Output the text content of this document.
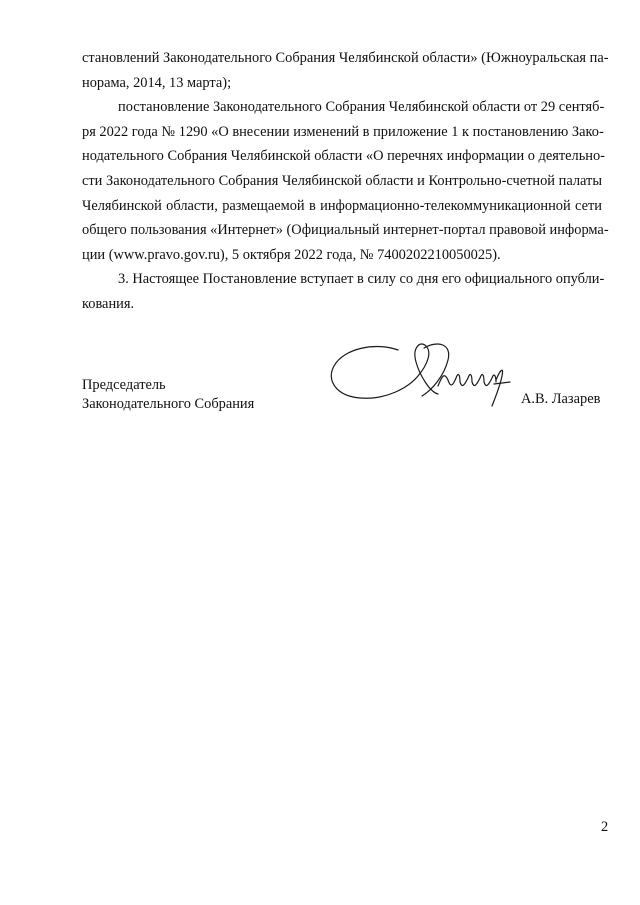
становлений Законодательного Собрания Челябинской области» (Южноуральская па-
норама, 2014, 13 марта);
постановление Законодательного Собрания Челябинской области от 29 сентяб-
ря 2022 года № 1290 «О внесении изменений в приложение 1 к постановлению Зако-
нодательного Собрания Челябинской области «О перечнях информации о деятельно-
сти Законодательного Собрания Челябинской области и Контрольно-счетной палаты
Челябинской области, размещаемой в информационно-телекоммуникационной сети
общего пользования «Интернет» (Официальный интернет-портал правовой информа-
ции (www.pravo.gov.ru), 5 октября 2022 года, № 7400202210050025).
3. Настоящее Постановление вступает в силу со дня его официального опубли-
кования.
Председатель
Законодательного Собрания	А.В. Лазарев
2
